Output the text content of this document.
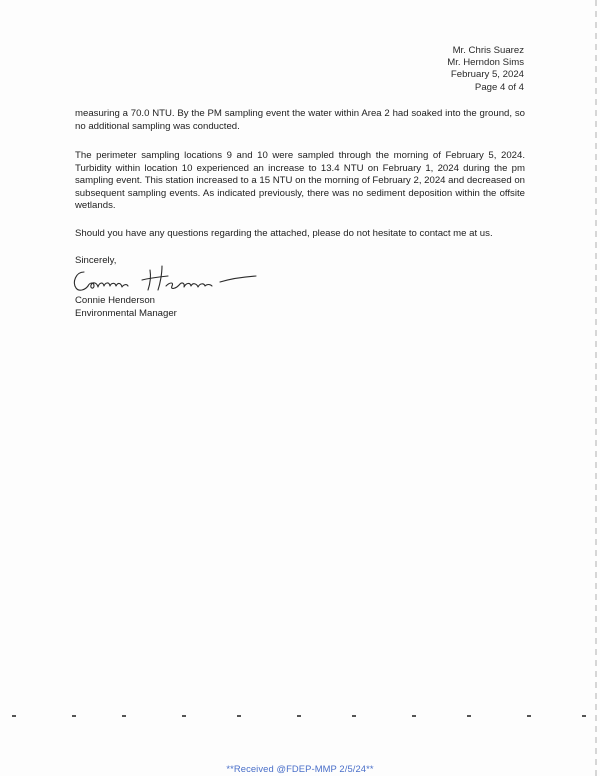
Mr. Chris Suarez
Mr. Herndon Sims
February 5, 2024
Page 4 of 4
measuring a 70.0 NTU. By the PM sampling event the water within Area 2 had soaked into the ground, so no additional sampling was conducted.
The perimeter sampling locations 9 and 10 were sampled through the morning of February 5, 2024. Turbidity within location 10 experienced an increase to 13.4 NTU on February 1, 2024 during the pm sampling event. This station increased to a 15 NTU on the morning of February 2, 2024 and decreased on subsequent sampling events. As indicated previously, there was no sediment deposition within the offsite wetlands.
Should you have any questions regarding the attached, please do not hesitate to contact me at us.
Sincerely,
Connie Henderson
Environmental Manager
**Received @FDEP-MMP 2/5/24**
